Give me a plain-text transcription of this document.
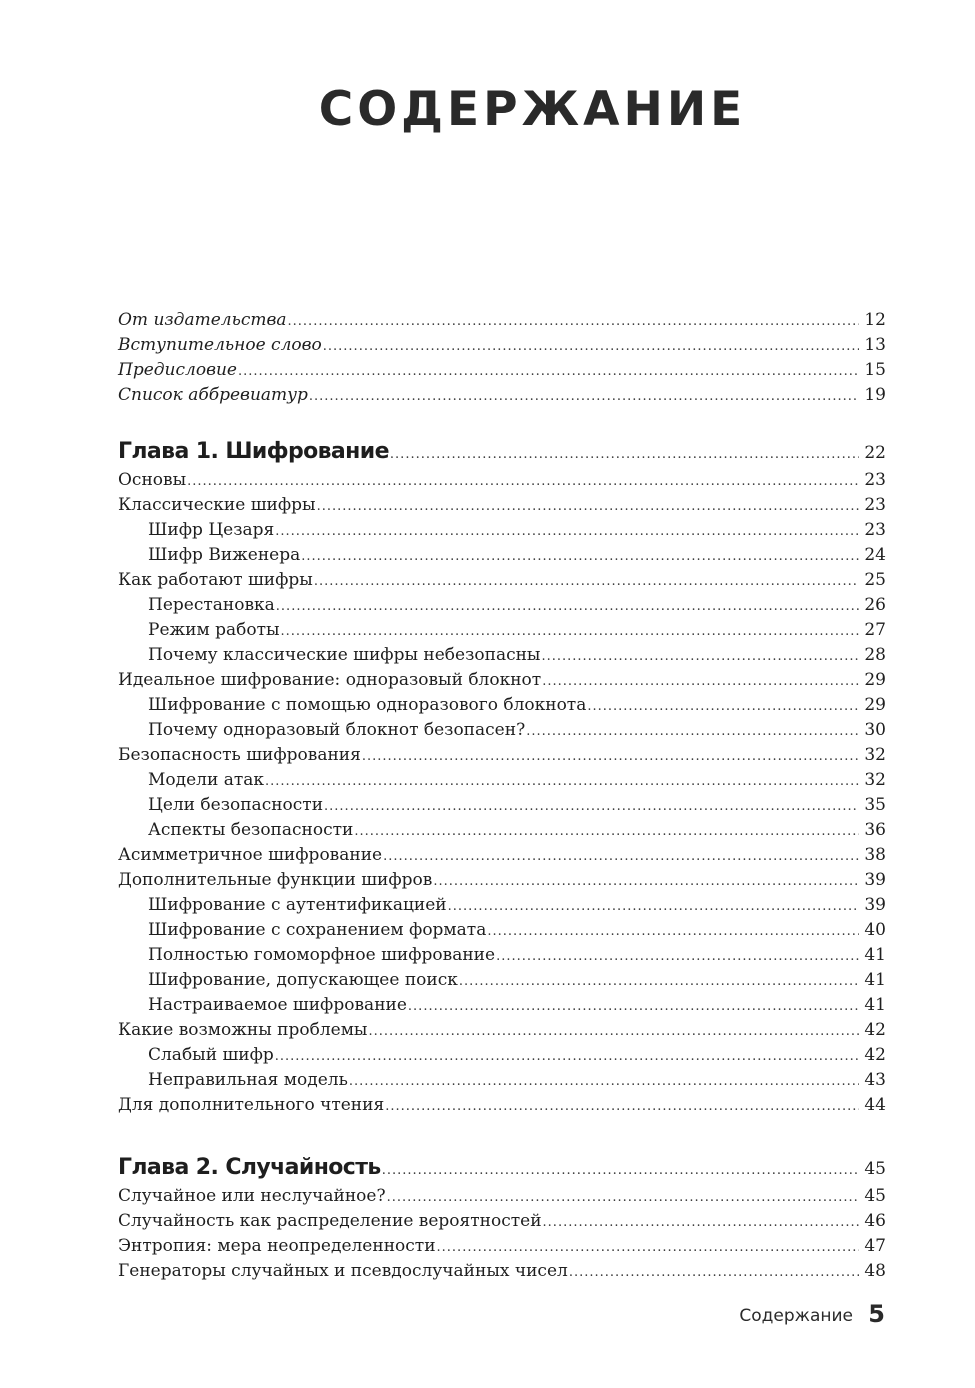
СОДЕРЖАНИЕ
От издательства .....	12
Вступительное слово .....	13
Предисловие .....	15
Список аббревиатур .....	19
Глава 1. Шифрование .....	22
Основы .....	23
Классические шифры .....	23
Шифр Цезаря .....	23
Шифр Виженера .....	24
Как работают шифры .....	25
Перестановка .....	26
Режим работы .....	27
Почему классические шифры небезопасны .....	28
Идеальное шифрование: одноразовый блокнот .....	29
Шифрование с помощью одноразового блокнота .....	29
Почему одноразовый блокнот безопасен? .....	30
Безопасность шифрования .....	32
Модели атак .....	32
Цели безопасности .....	35
Аспекты безопасности .....	36
Асимметричное шифрование .....	38
Дополнительные функции шифров .....	39
Шифрование с аутентификацией .....	39
Шифрование с сохранением формата .....	40
Полностью гомоморфное шифрование .....	41
Шифрование, допускающее поиск .....	41
Настраиваемое шифрование .....	41
Какие возможны проблемы .....	42
Слабый шифр .....	42
Неправильная модель .....	43
Для дополнительного чтения .....	44
Глава 2. Случайность .....	45
Случайное или неслучайное? .....	45
Случайность как распределение вероятностей .....	46
Энтропия: мера неопределенности .....	47
Генераторы случайных и псевдослучайных чисел .....	48
Содержание 5
